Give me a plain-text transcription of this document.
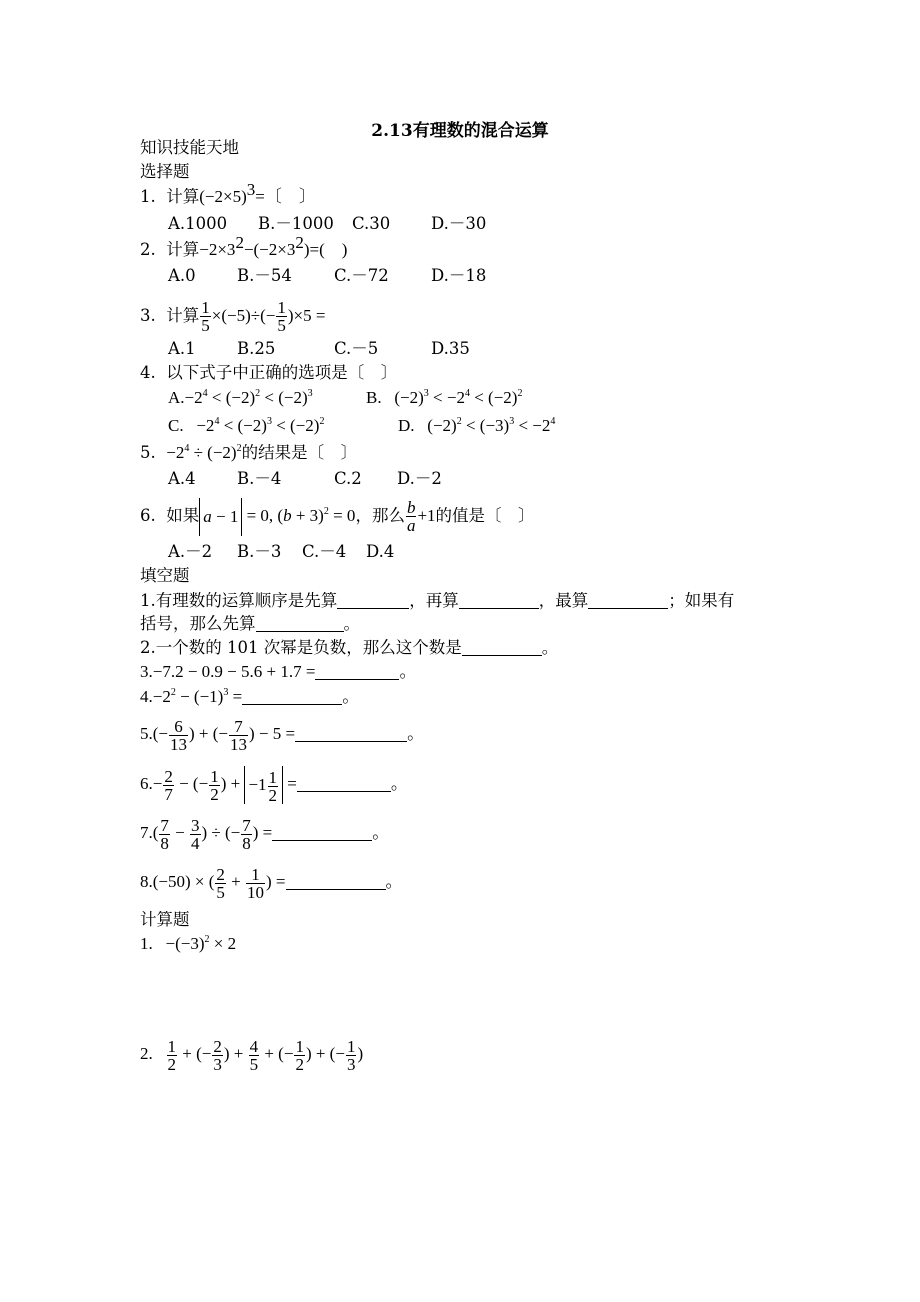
2.13有理数的混合运算
知识技能天地
选择题
1. 计算$(-2\times 5)^3=$〔　〕
A.1000 B.－1000 C.30 D.－30
2. 计算$-2\times 3^2-(-2\times 3^2)=$(　)
A.0	B.－54	C.－72	D.－18
3. 计算 $\frac{1}{5} \times(-5)\div(- \frac{1}{5} )\times 5$ =
A.1	B.25	C.－5	D.35
4. 以下式子中正确的选项是〔　〕
$A.-2^4 < (-2)^2 < (-2)^3$	B.   $(-2)^3 < -2^4 < (-2)^2$
C.   $-2^4 < (-2)^3 < (-2)^2$	D.   $(-2)^2 < (-3)^3 < -2^4$
5. $-2^4 \div (-2)^2$的结果是〔　〕
A.4	B.－4	C.2 D.－2
6. 如果 a − 1 = 0, $(b + 3)^2 = 0$，那么 $\frac{b}{a} +1$的值是〔　〕
A.－2 B.－3 C.－4 D.4
填空题
1.有理数的运算顺序是先算	，再算	，最算	；如果有
括号，那么先算	。
2.一个数的 101 次幂是负数，那么这个数是	。
3.−7.2 − 0.9 − 5.6 + 1.7 =	。
$4.-2^2 - (-1)^3$ =	。
$5.(- \frac{6}{13}$ ) + (− $\frac{7}{13}$ ) − 5 =	。
$6.- \frac{2}{7}$ − (− $\frac{1}{2}$ ) + $-1 \frac{1}{2}$ =	。
$7.( \frac{7}{8} - \frac{3}{4}$ ) ÷ (− $\frac{7}{8}$ ) =	。
8.(−50) × ( $\frac{2}{5} + \frac{1}{10}$ ) =	。
计算题
1.   $-(-3)^2 \times 2$
2. $\frac{1}{2}$ + (− $\frac{2}{3}$ ) + $\frac{4}{5}$ + (− $\frac{1}{2}$ ) + (− $\frac{1}{3}$ )
